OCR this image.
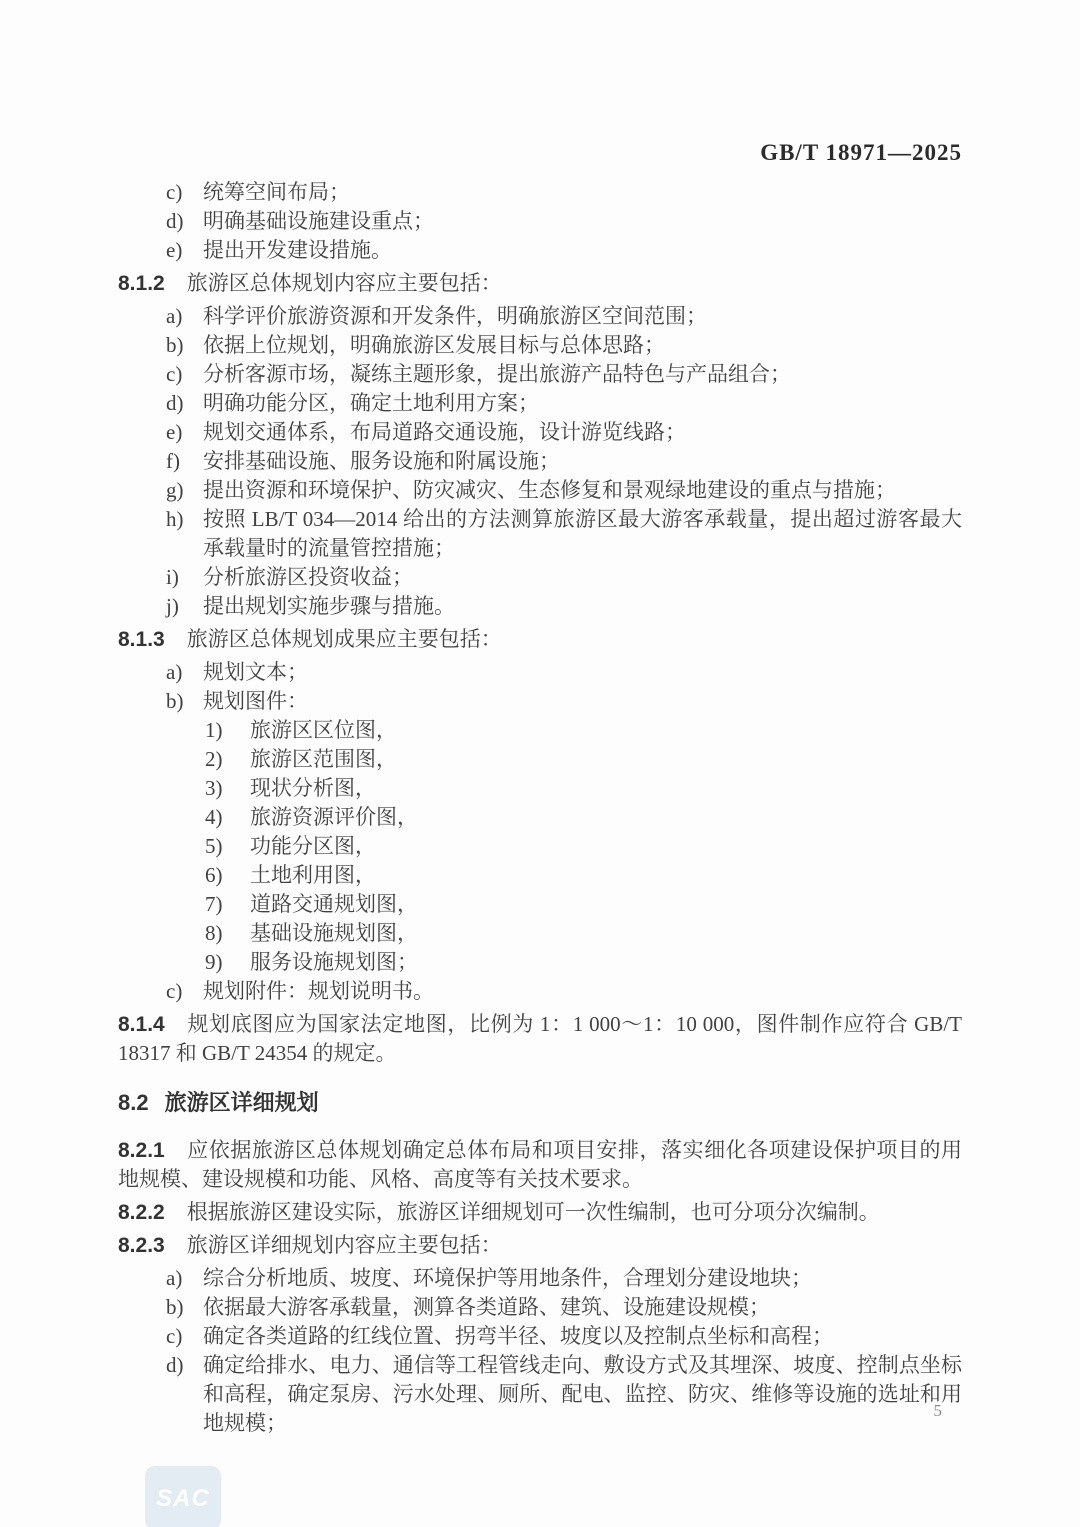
GB/T 18971—2025
c) 统筹空间布局；
d) 明确基础设施建设重点；
e) 提出开发建设措施。

8.1.2 旅游区总体规划内容应主要包括：

a) 科学评价旅游资源和开发条件，明确旅游区空间范围；
b) 依据上位规划，明确旅游区发展目标与总体思路；
c) 分析客源市场，凝练主题形象，提出旅游产品特色与产品组合；
d) 明确功能分区，确定土地利用方案；
e) 规划交通体系，布局道路交通设施，设计游览线路；
f)	安排基础设施、服务设施和附属设施；
g) 提出资源和环境保护、防灾减灾、生态修复和景观绿地建设的重点与措施；
h) 按照 LB/T 034—2014 给出的方法测算旅游区最大游客承载量，提出超过游客最大承载量时的流量管控措施；
i)	分析旅游区投资收益；
j)	提出规划实施步骤与措施。

8.1.3 旅游区总体规划成果应主要包括：

a) 规划文本；
b) 规划图件：
1)	旅游区区位图，
2)	旅游区范围图，
3)	现状分析图，
4)	旅游资源评价图，
5)	功能分区图，
6)	土地利用图，
7)	道路交通规划图，
8)	基础设施规划图，
9)	服务设施规划图；
c) 规划附件：规划说明书。

8.1.4 规划底图应为国家法定地图，比例为 1：1 000～1：10 000，图件制作应符合 GB/T 18317 和 GB/T 24354 的规定。

8.2 旅游区详细规划

8.2.1 应依据旅游区总体规划确定总体布局和项目安排，落实细化各项建设保护项目的用地规模、建设规模和功能、风格、高度等有关技术要求。

8.2.2 根据旅游区建设实际，旅游区详细规划可一次性编制，也可分项分次编制。

8.2.3 旅游区详细规划内容应主要包括：

a) 综合分析地质、坡度、环境保护等用地条件，合理划分建设地块；
b) 依据最大游客承载量，测算各类道路、建筑、设施建设规模；
c) 确定各类道路的红线位置、拐弯半径、坡度以及控制点坐标和高程；
d) 确定给排水、电力、通信等工程管线走向、敷设方式及其埋深、坡度、控制点坐标和高程，确定泵房、污水处理、厕所、配电、监控、防灾、维修等设施的选址和用地规模；
5
SAC
